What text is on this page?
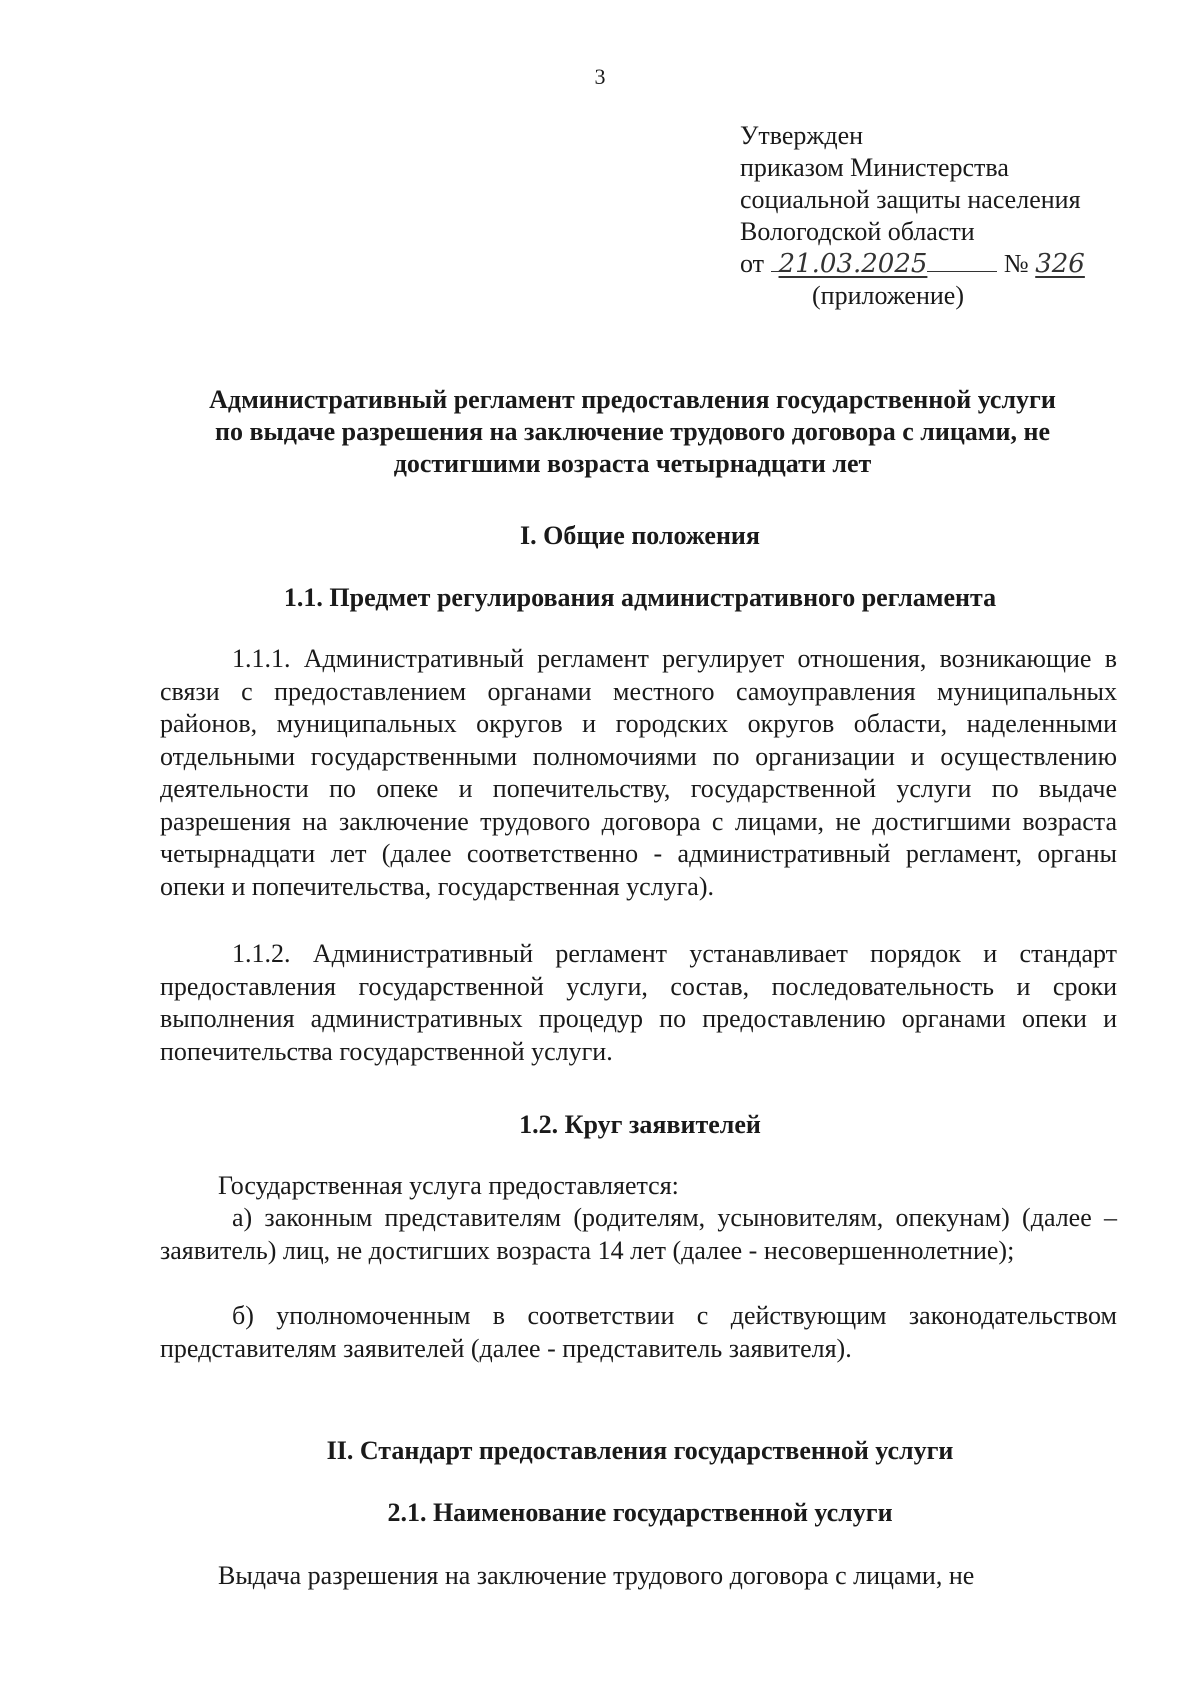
3
Утвержден
приказом Министерства
социальной защиты населения
Вологодской области
от 21.03.2025	№ 326
(приложение)
Административный регламент предоставления государственной услуги
по выдаче разрешения на заключение трудового договора с лицами, не
достигшими возраста четырнадцати лет
I. Общие положения
1.1. Предмет регулирования административного регламента
1.1.1. Административный регламент регулирует отношения, возникающие в связи с предоставлением органами местного самоуправления муниципальных районов, муниципальных округов и городских округов области, наделенными отдельными государственными полномочиями по организации и осуществлению деятельности по опеке и попечительству, государственной услуги по выдаче разрешения на заключение трудового договора с лицами, не достигшими возраста четырнадцати лет (далее соответственно - административный регламент, органы опеки и попечительства, государственная услуга).
1.1.2. Административный регламент устанавливает порядок и стандарт предоставления государственной услуги, состав, последовательность и сроки выполнения административных процедур по предоставлению органами опеки и попечительства государственной услуги.
1.2. Круг заявителей
Государственная услуга предоставляется:
а) законным представителям (родителям, усыновителям, опекунам) (далее – заявитель) лиц, не достигших возраста 14 лет (далее - несовершеннолетние);
б) уполномоченным в соответствии с действующим законодательством представителям заявителей (далее - представитель заявителя).
II. Стандарт предоставления государственной услуги
2.1. Наименование государственной услуги
Выдача разрешения на заключение трудового договора с лицами, не
